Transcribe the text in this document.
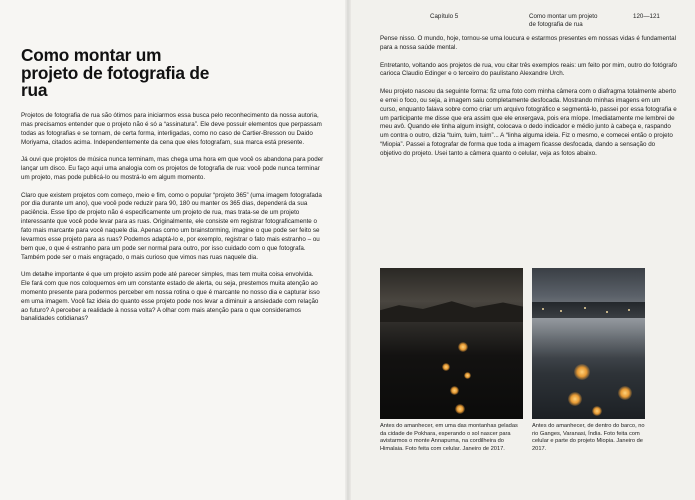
Como montar um projeto de fotografia de rua

Projetos de fotografia de rua são ótimos para iniciarmos essa busca pelo reconhecimento da nossa autoria, mas precisamos entender que o projeto não é só a “assinatura”. Ele deve possuir elementos que perpassam todas as fotografias e se tornam, de certa forma, interligadas, como no caso de Cartier-Bresson ou Daido Moriyama, citados acima. Independentemente da cena que eles fotografam, sua marca está presente.

Já ouvi que projetos de música nunca terminam, mas chega uma hora em que você os abandona para poder lançar um disco. Eu faço aqui uma analogia com os projetos de fotografia de rua: você pode nunca terminar um projeto, mas pode publicá-lo ou mostrá-lo em algum momento.

Claro que existem projetos com começo, meio e fim, como o popular “projeto 365” (uma imagem fotografada por dia durante um ano), que você pode reduzir para 90, 180 ou manter os 365 dias, dependerá da sua paciência. Esse tipo de projeto não é especificamente um projeto de rua, mas trata-se de um projeto interessante que você pode levar para as ruas. Originalmente, ele consiste em registrar fotograficamente o fato mais marcante para você naquele dia. Apenas como um brainstorming, imagine o que pode ser feito se levarmos esse projeto para as ruas? Podemos adaptá-lo e, por exemplo, registrar o fato mais estranho – ou bem que, o que é estranho para um pode ser normal para outro, por isso cuidado com o que fotografa. Também pode ser o mais engraçado, o mais curioso que vimos nas ruas naquele dia.

Um detalhe importante é que um projeto assim pode até parecer simples, mas tem muita coisa envolvida. Ele fará com que nos coloquemos em um constante estado de alerta, ou seja, prestemos muita atenção ao momento presente para podermos perceber em nossa rotina o que é marcante no nosso dia e capturar isso em uma imagem. Você faz ideia do quanto esse projeto pode nos levar a diminuir a ansiedade com relação ao futuro? A perceber a realidade à nossa volta? A olhar com mais atenção para o que consideramos banalidades cotidianas?

Capítulo 5	Como montar um projeto de fotografia de rua
120—121

Pense nisso. O mundo, hoje, tornou-se uma loucura e estarmos presentes em nossas vidas é fundamental para a nossa saúde mental.

Entretanto, voltando aos projetos de rua, vou citar três exemplos reais: um feito por mim, outro do fotógrafo carioca Claudio Edinger e o terceiro do paulistano Alexandre Urch.

Meu projeto nasceu da seguinte forma: fiz uma foto com minha câmera com o diafragma totalmente aberto e errei o foco, ou seja, a imagem saiu completamente desfocada. Mostrando minhas imagens em um curso, enquanto falava sobre como criar um arquivo fotográfico e segmentá-lo, passei por essa fotografia e um participante me disse que era assim que ele enxergava, pois era míope. Imediatamente me lembrei de meu avô. Quando ele tinha algum insight, colocava o dedo indicador e médio junto à cabeça e, raspando um contra o outro, dizia “tuim, tuim, tuim”... A “linha alguma ideia. Fiz o mesmo, e comecei então o projeto “Miopia”. Passei a fotografar de forma que toda a imagem ficasse desfocada, dando a sensação do objetivo do projeto. Usei tanto a câmera quanto o celular, veja as fotos abaixo.

Antes do amanhecer, em uma das montanhas geladas da cidade de Pokhara, esperando o sol nascer para avistarmos o monte Annapurna, na cordilheira do Himalaia. Foto feita com celular. Janeiro de 2017.
Antes do amanhecer, de dentro do barco, no rio Ganges, Varanasi, Índia. Foto feita com celular e parte do projeto Miopia. Janeiro de 2017.
